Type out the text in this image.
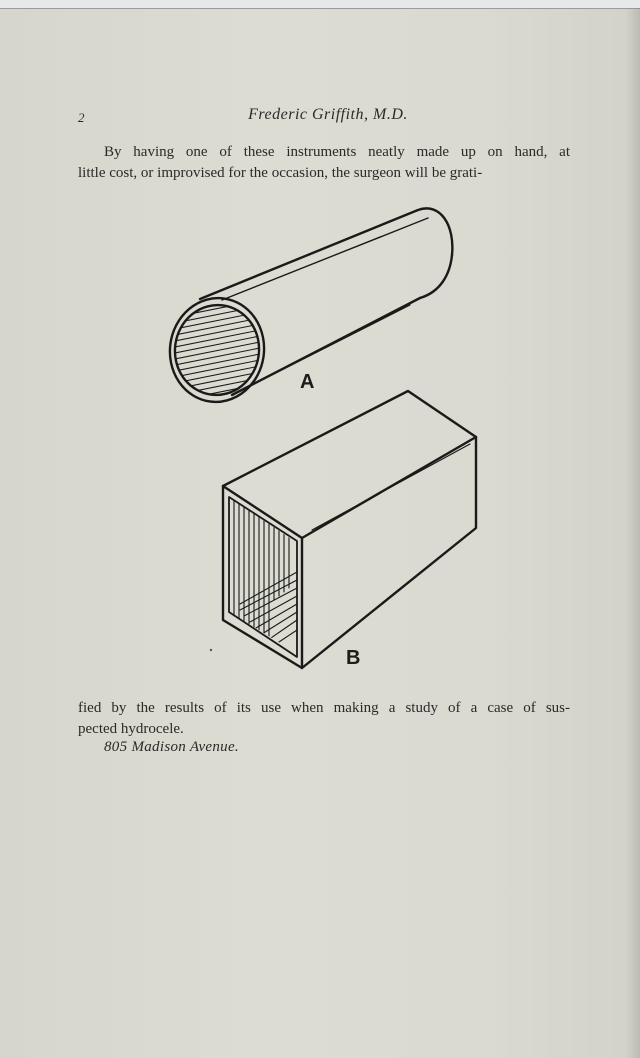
2	Frederic Griffith, M.D.

By having one of these instruments neatly made up on hand, at
little cost, or improvised for the occasion, the surgeon will be grati-

A
B

fied by the results of its use when making a study of a case of sus-
pected hydrocele.

805 Madison Avenue.
